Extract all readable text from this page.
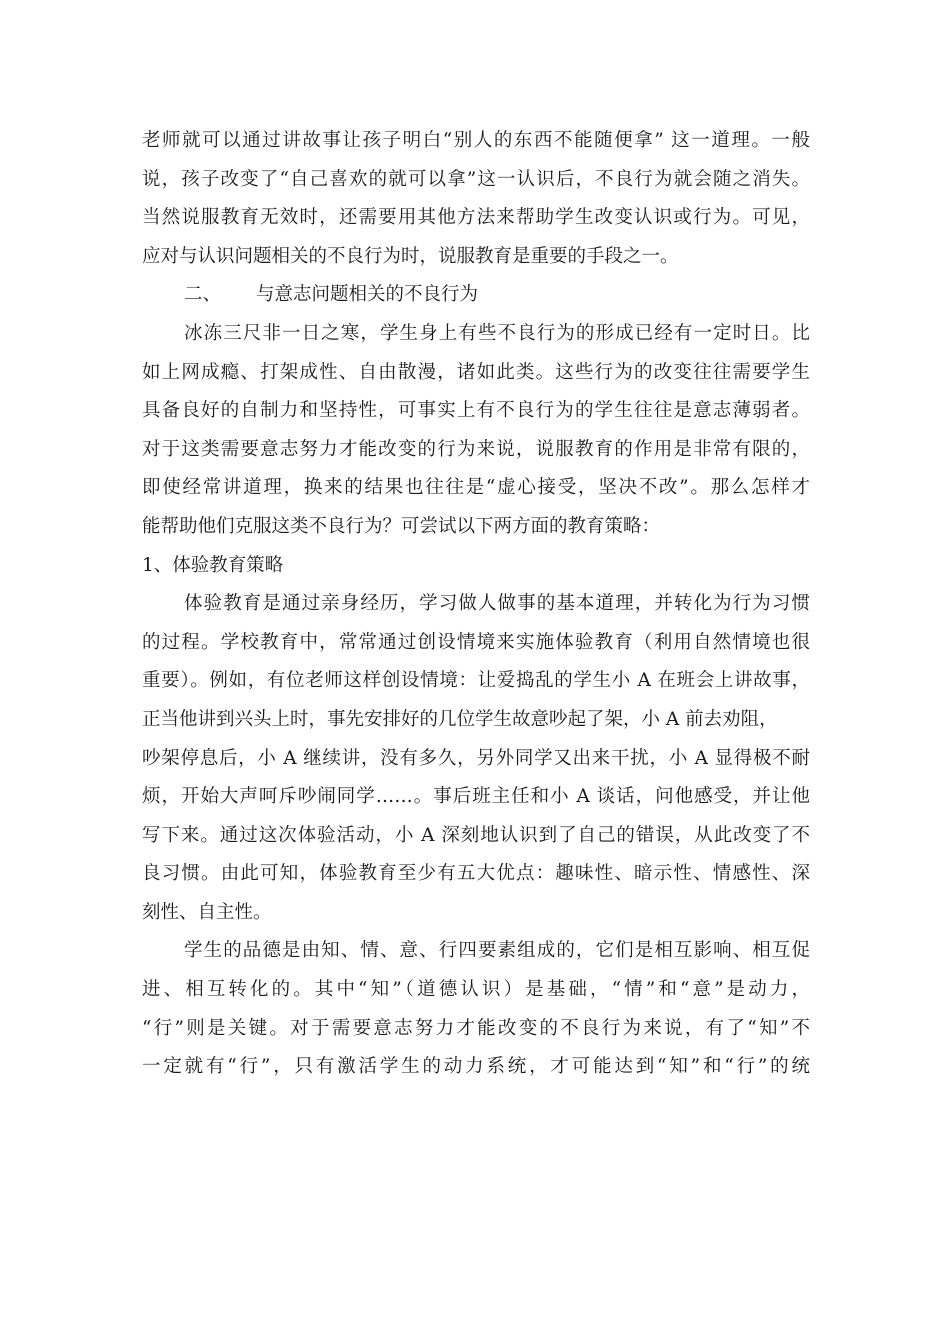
老师就可以通过讲故事让孩子明白“别人的东西不能随便拿” 这一道理。一般
说，孩子改变了“自己喜欢的就可以拿”这一认识后，不良行为就会随之消失。
当然说服教育无效时，还需要用其他方法来帮助学生改变认识或行为。可见，
应对与认识问题相关的不良行为时，说服教育是重要的手段之一。
二、 与意志问题相关的不良行为
冰冻三尺非一日之寒，学生身上有些不良行为的形成已经有一定时日。比
如上网成瘾、打架成性、自由散漫，诸如此类。这些行为的改变往往需要学生
具备良好的自制力和坚持性，可事实上有不良行为的学生往往是意志薄弱者。
对于这类需要意志努力才能改变的行为来说，说服教育的作用是非常有限的，
即使经常讲道理，换来的结果也往往是“虚心接受，坚决不改”。那么怎样才
能帮助他们克服这类不良行为？可尝试以下两方面的教育策略：
1、体验教育策略
体验教育是通过亲身经历，学习做人做事的基本道理，并转化为行为习惯
的过程。学校教育中，常常通过创设情境来实施体验教育（利用自然情境也很
重要）。例如，有位老师这样创设情境：让爱捣乱的学生小 A 在班会上讲故事，
正当他讲到兴头上时，事先安排好的几位学生故意吵起了架，小 A 前去劝阻，
吵架停息后，小 A 继续讲，没有多久，另外同学又出来干扰，小 A 显得极不耐
烦，开始大声呵斥吵闹同学……。事后班主任和小 A 谈话，问他感受，并让他
写下来。通过这次体验活动，小 A 深刻地认识到了自己的错误，从此改变了不
良习惯。由此可知，体验教育至少有五大优点：趣味性、暗示性、情感性、深
刻性、自主性。
学生的品德是由知、情、意、行四要素组成的，它们是相互影响、相互促
进、相互转化的。其中“知”（道德认识）是基础，“情”和“意”是动力，
“行”则是关键。对于需要意志努力才能改变的不良行为来说，有了“知”不
一定就有“行”，只有激活学生的动力系统，才可能达到“知”和“行”的统
